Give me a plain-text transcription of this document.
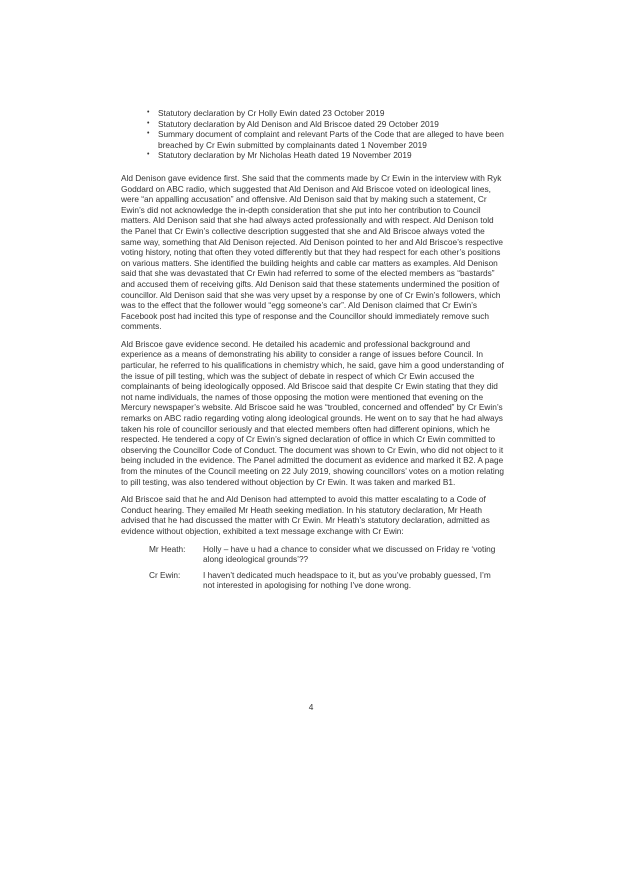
• Statutory declaration by Cr Holly Ewin dated 23 October 2019
• Statutory declaration by Ald Denison and Ald Briscoe dated 29 October 2019
• Summary document of complaint and relevant Parts of the Code that are alleged to have been breached by Cr Ewin submitted by complainants dated 1 November 2019
• Statutory declaration by Mr Nicholas Heath dated 19 November 2019

Ald Denison gave evidence first. She said that the comments made by Cr Ewin in the interview with Ryk Goddard on ABC radio, which suggested that Ald Denison and Ald Briscoe voted on ideological lines, were “an appalling accusation” and offensive. Ald Denison said that by making such a statement, Cr Ewin’s did not acknowledge the in-depth consideration that she put into her contribution to Council matters. Ald Denison said that she had always acted professionally and with respect. Ald Denison told the Panel that Cr Ewin’s collective description suggested that she and Ald Briscoe always voted the same way, something that Ald Denison rejected. Ald Denison pointed to her and Ald Briscoe’s respective voting history, noting that often they voted differently but that they had respect for each other’s positions on various matters. She identified the building heights and cable car matters as examples. Ald Denison said that she was devastated that Cr Ewin had referred to some of the elected members as “bastards” and accused them of receiving gifts. Ald Denison said that these statements undermined the position of councillor. Ald Denison said that she was very upset by a response by one of Cr Ewin’s followers, which was to the effect that the follower would “egg someone’s car”. Ald Denison claimed that Cr Ewin’s Facebook post had incited this type of response and the Councillor should immediately remove such comments.

Ald Briscoe gave evidence second. He detailed his academic and professional background and experience as a means of demonstrating his ability to consider a range of issues before Council. In particular, he referred to his qualifications in chemistry which, he said, gave him a good understanding of the issue of pill testing, which was the subject of debate in respect of which Cr Ewin accused the complainants of being ideologically opposed. Ald Briscoe said that despite Cr Ewin stating that they did not name individuals, the names of those opposing the motion were mentioned that evening on the Mercury newspaper’s website. Ald Briscoe said he was “troubled, concerned and offended” by Cr Ewin’s remarks on ABC radio regarding voting along ideological grounds. He went on to say that he had always taken his role of councillor seriously and that elected members often had different opinions, which he respected. He tendered a copy of Cr Ewin’s signed declaration of office in which Cr Ewin committed to observing the Councillor Code of Conduct. The document was shown to Cr Ewin, who did not object to it being included in the evidence. The Panel admitted the document as evidence and marked it B2. A page from the minutes of the Council meeting on 22 July 2019, showing councillors’ votes on a motion relating to pill testing, was also tendered without objection by Cr Ewin. It was taken and marked B1.

Ald Briscoe said that he and Ald Denison had attempted to avoid this matter escalating to a Code of Conduct hearing. They emailed Mr Heath seeking mediation. In his statutory declaration, Mr Heath advised that he had discussed the matter with Cr Ewin. Mr Heath’s statutory declaration, admitted as evidence without objection, exhibited a text message exchange with Cr Ewin:

Mr Heath: Holly – have u had a chance to consider what we discussed on Friday re ‘voting along ideological grounds’??
Cr Ewin:	I haven’t dedicated much headspace to it, but as you’ve probably guessed, I’m not interested in apologising for nothing I’ve done wrong.
4
